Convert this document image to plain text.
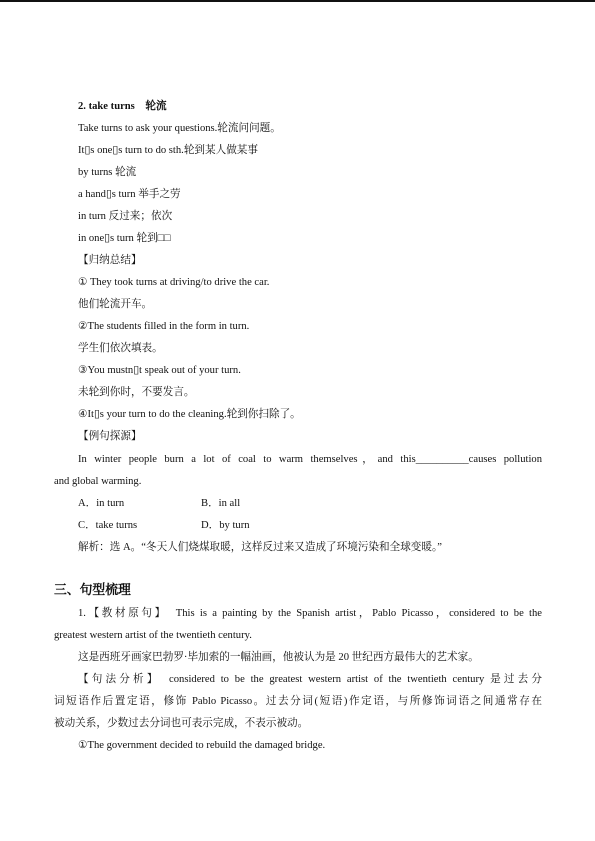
2. take turns　轮流
Take turns to ask your questions.轮流问问题。
It▯s one▯s turn to do sth.轮到某人做某事
by turns 轮流
a hand▯s turn 举手之劳
in turn 反过来；依次
in one▯s turn 轮到□□
【归纳总结】
① They took turns at driving/to drive the car.
他们轮流开车。
②The students filled in the form in turn.
学生们依次填表。
③You mustn▯t speak out of your turn.
未轮到你时，不要发言。
④It▯s your turn to do the cleaning.轮到你扫除了。
【例句探源】
In winter people burn a lot of coal to warm themselves，and this__________causes pollution
and global warming.
A．in turn	B．in all
C．take turns	D．by turn
解析：选 A。“冬天人们烧煤取暖，这样反过来又造成了环境污染和全球变暖。”
三、句型梳理
1.【教材原句】　This is a painting by the Spanish artist，Pablo Picasso，considered to be the
greatest western artist of the twentieth century.
这是西班牙画家巴勃罗·毕加索的一幅油画，他被认为是 20 世纪西方最伟大的艺术家。
【句法分析】　considered to be the greatest western artist of the twentieth century 是过去分
词短语作后置定语，修饰 Pablo Picasso。过去分词(短语)作定语，与所修饰词语之间通常存在
被动关系，少数过去分词也可表示完成，不表示被动。
①The government decided to rebuild the damaged bridge.
